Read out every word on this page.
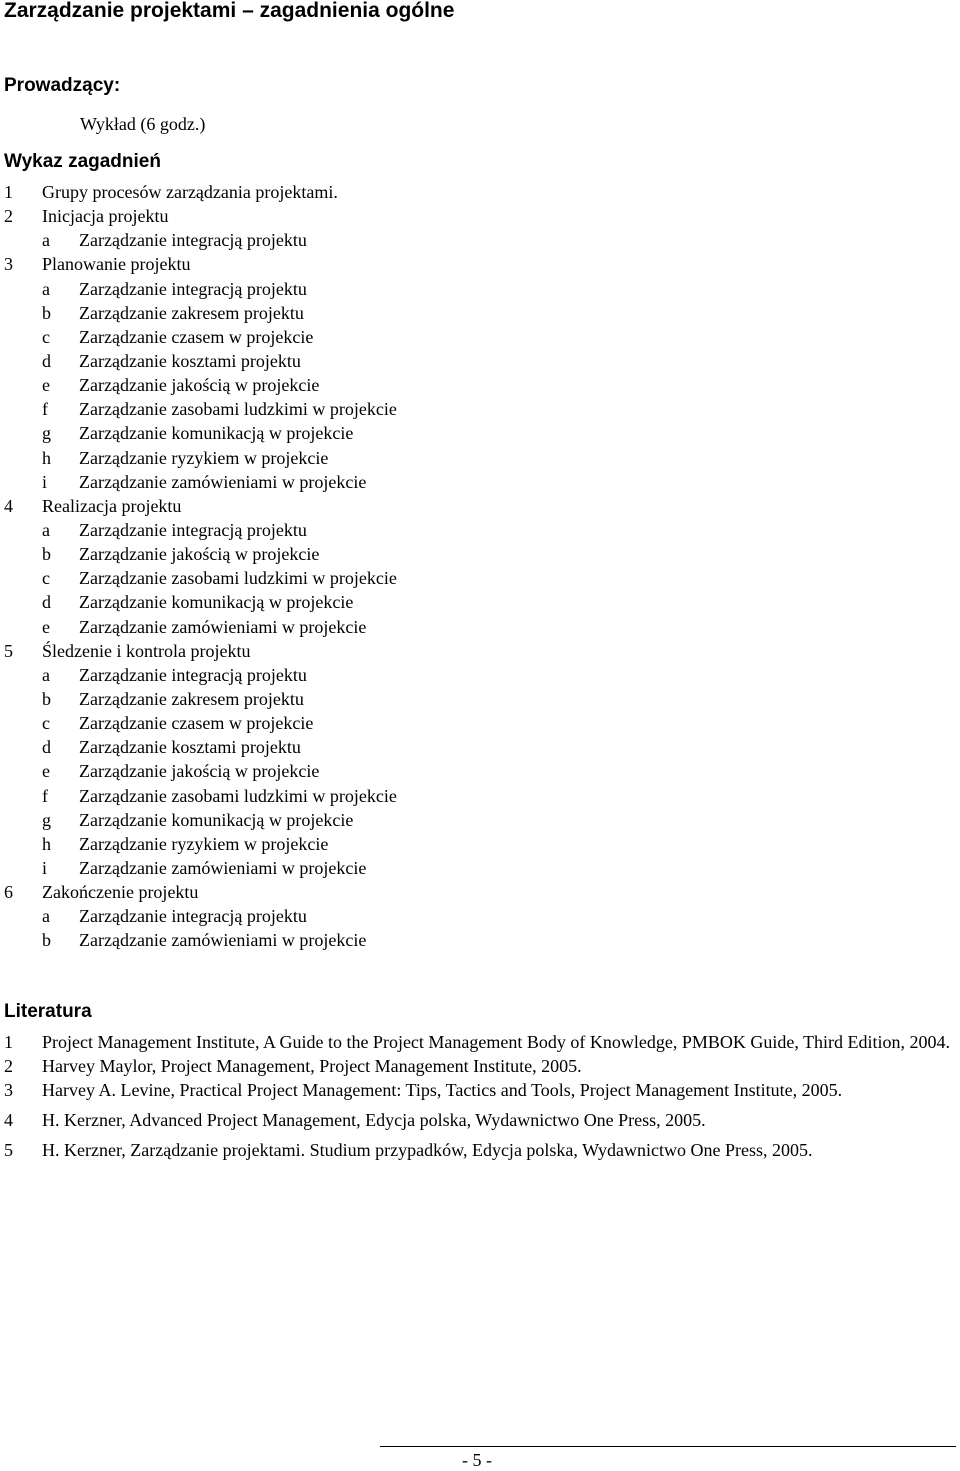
Zarządzanie projektami – zagadnienia ogólne
Prowadzący:
Wykład (6 godz.)
Wykaz zagadnień
1 Grupy procesów zarządzania projektami.
2 Inicjacja projektu
a Zarządzanie integracją projektu
3 Planowanie projektu
a Zarządzanie integracją projektu
b Zarządzanie zakresem projektu
c Zarządzanie czasem w projekcie
d Zarządzanie kosztami projektu
e Zarządzanie jakością w projekcie
f Zarządzanie zasobami ludzkimi w projekcie
g Zarządzanie komunikacją w projekcie
h Zarządzanie ryzykiem w projekcie
i Zarządzanie zamówieniami w projekcie
4 Realizacja projektu
a Zarządzanie integracją projektu
b Zarządzanie jakością w projekcie
c Zarządzanie zasobami ludzkimi w projekcie
d Zarządzanie komunikacją w projekcie
e Zarządzanie zamówieniami w projekcie
5 Śledzenie i kontrola projektu
a Zarządzanie integracją projektu
b Zarządzanie zakresem projektu
c Zarządzanie czasem w projekcie
d Zarządzanie kosztami projektu
e Zarządzanie jakością w projekcie
f Zarządzanie zasobami ludzkimi w projekcie
g Zarządzanie komunikacją w projekcie
h Zarządzanie ryzykiem w projekcie
i Zarządzanie zamówieniami w projekcie
6 Zakończenie projektu
a Zarządzanie integracją projektu
b Zarządzanie zamówieniami w projekcie
Literatura
1 Project Management Institute, A Guide to the Project Management Body of Knowledge, PMBOK Guide, Third Edition, 2004.
2 Harvey Maylor, Project Management, Project Management Institute, 2005.
3 Harvey A. Levine, Practical Project Management: Tips, Tactics and Tools, Project Management Institute, 2005.
4 H. Kerzner, Advanced Project Management, Edycja polska, Wydawnictwo One Press, 2005.
5 H. Kerzner, Zarządzanie projektami. Studium przypadków, Edycja polska, Wydawnictwo One Press, 2005.
- 5 -
